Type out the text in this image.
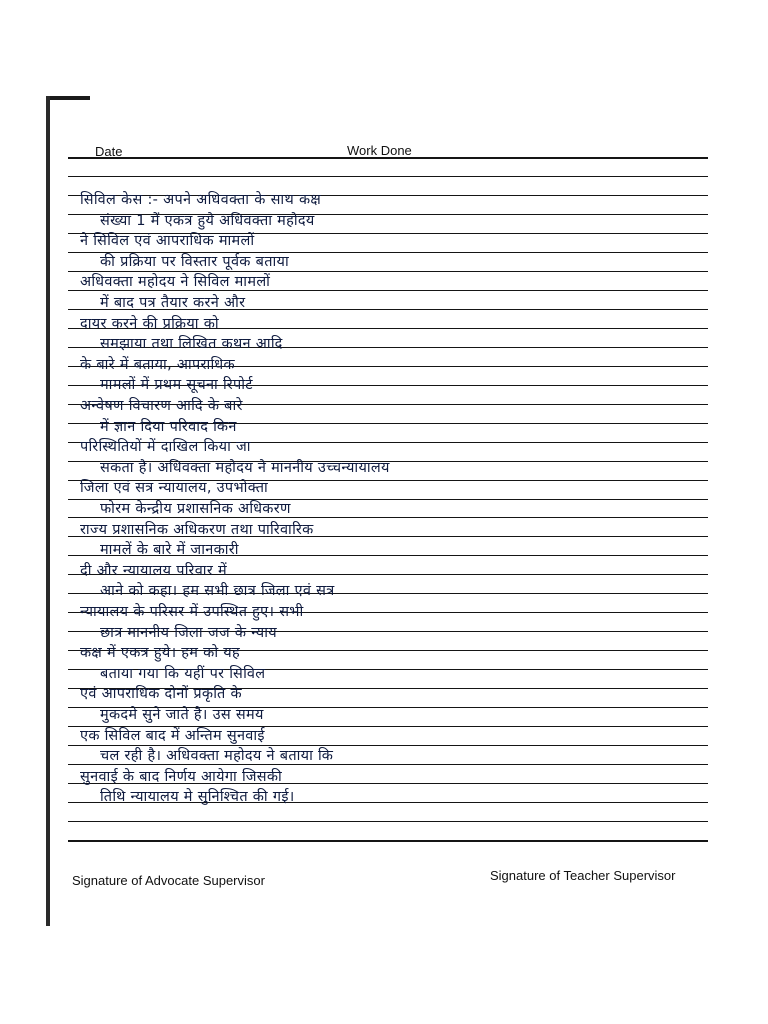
Date	Work Done
सिविल केस :- अपने अधिवक्ता के साथ कक्ष
संख्या 1 में एकत्र हुये अधिवक्ता महोदय
ने सिविल एवं आपराधिक मामलों
की प्रक्रिया पर विस्तार पूर्वक बताया
अधिवक्ता महोदय ने सिविल मामलों
में बाद पत्र तैयार करने और
दायर करने की प्रक्रिया को
समझाया तथा लिखित कथन आदि
के बारे में बताया, आपराधिक
मामलों में प्रथम सूचना रिपोर्ट
अन्वेषण विचारण आदि के बारे
में ज्ञान दिया परिवाद किन
परिस्थितियों में दाखिल किया जा
सकता है। अधिवक्ता महोदय ने माननीय उच्चन्यायालय
जिला एवं सत्र न्यायालय, उपभोक्ता
फोरम केन्द्रीय प्रशासनिक अधिकरण
राज्य प्रशासनिक अधिकरण तथा पारिवारिक
मामलें के बारे में जानकारी
दी और न्यायालय परिवार में
आने को कहा। हम सभी छात्र जिला एवं सत्र
न्यायालय के परिसर में उपस्थित हुए। सभी
छात्र माननीय जिला जज के न्याय
कक्ष में एकत्र हुये। हम को यह
बताया गया कि यहीं पर सिविल
एवं आपराधिक दोनों प्रकृति के
मुकदमे सुने जाते है। उस समय
एक सिविल बाद में अन्तिम सुनवाई
चल रही है। अधिवक्ता महोदय ने बताया कि
सुनवाई के बाद निर्णय आयेगा जिसकी
तिथि न्यायालय मे सुनिश्चित की गई।
Signature of Advocate Supervisor	Signature of Teacher Supervisor
